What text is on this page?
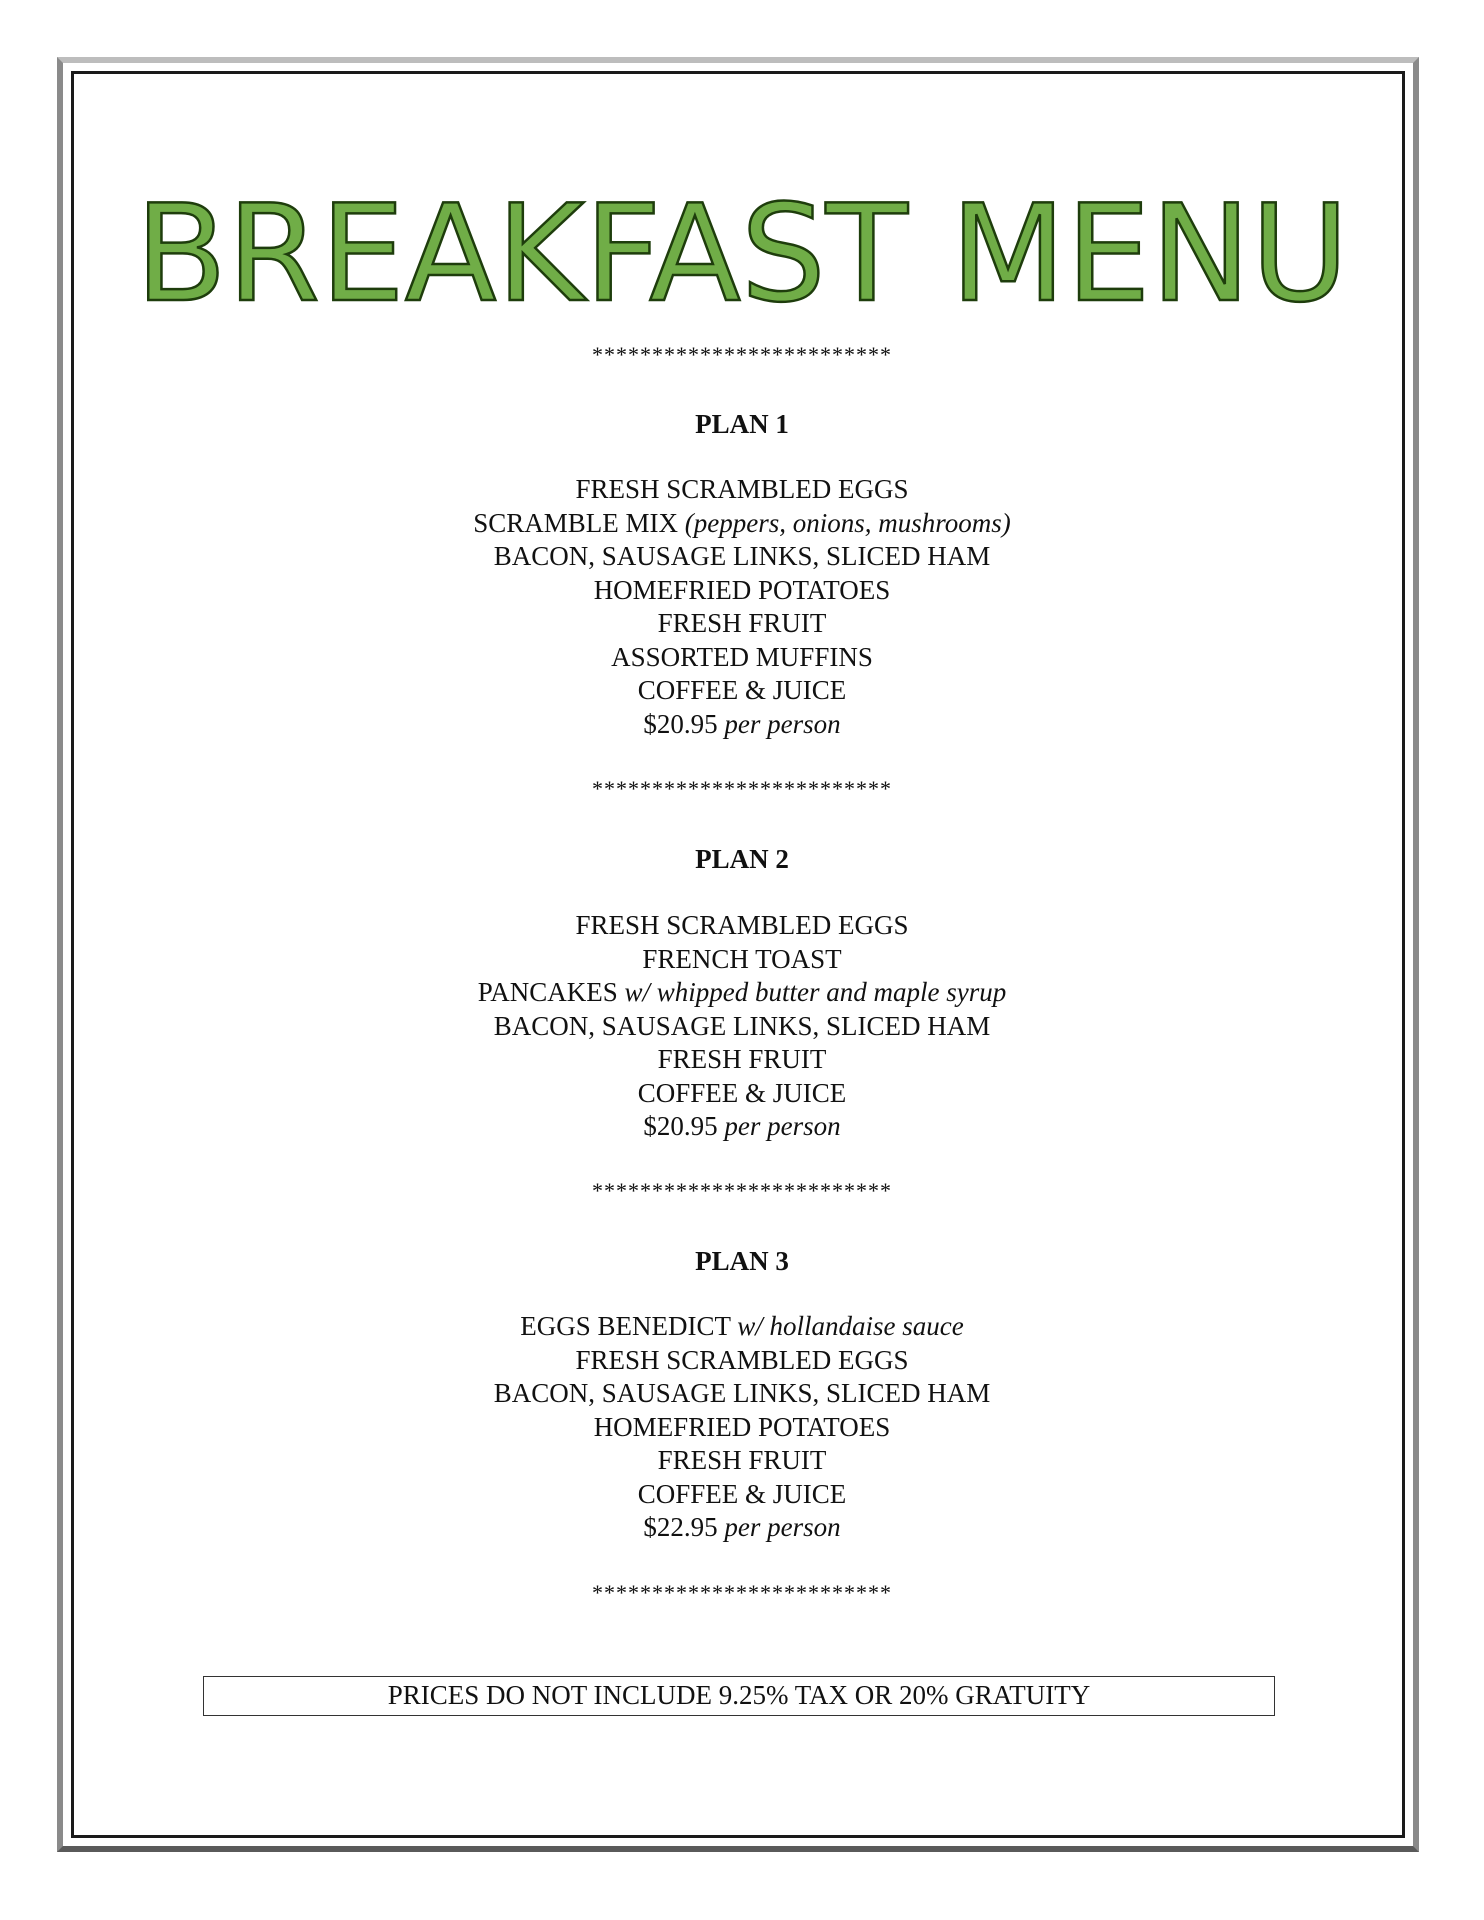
BREAKFAST MENU
*************************
PLAN 1
FRESH SCRAMBLED EGGS
SCRAMBLE MIX (peppers, onions, mushrooms)
BACON, SAUSAGE LINKS, SLICED HAM
HOMEFRIED POTATOES
FRESH FRUIT
ASSORTED MUFFINS
COFFEE & JUICE
$20.95 per person
*************************
PLAN 2
FRESH SCRAMBLED EGGS
FRENCH TOAST
PANCAKES w/ whipped butter and maple syrup
BACON, SAUSAGE LINKS, SLICED HAM
FRESH FRUIT
COFFEE & JUICE
$20.95 per person
*************************
PLAN 3
EGGS BENEDICT w/ hollandaise sauce
FRESH SCRAMBLED EGGS
BACON, SAUSAGE LINKS, SLICED HAM
HOMEFRIED POTATOES
FRESH FRUIT
COFFEE & JUICE
$22.95 per person
*************************
PRICES DO NOT INCLUDE 9.25% TAX OR 20% GRATUITY
